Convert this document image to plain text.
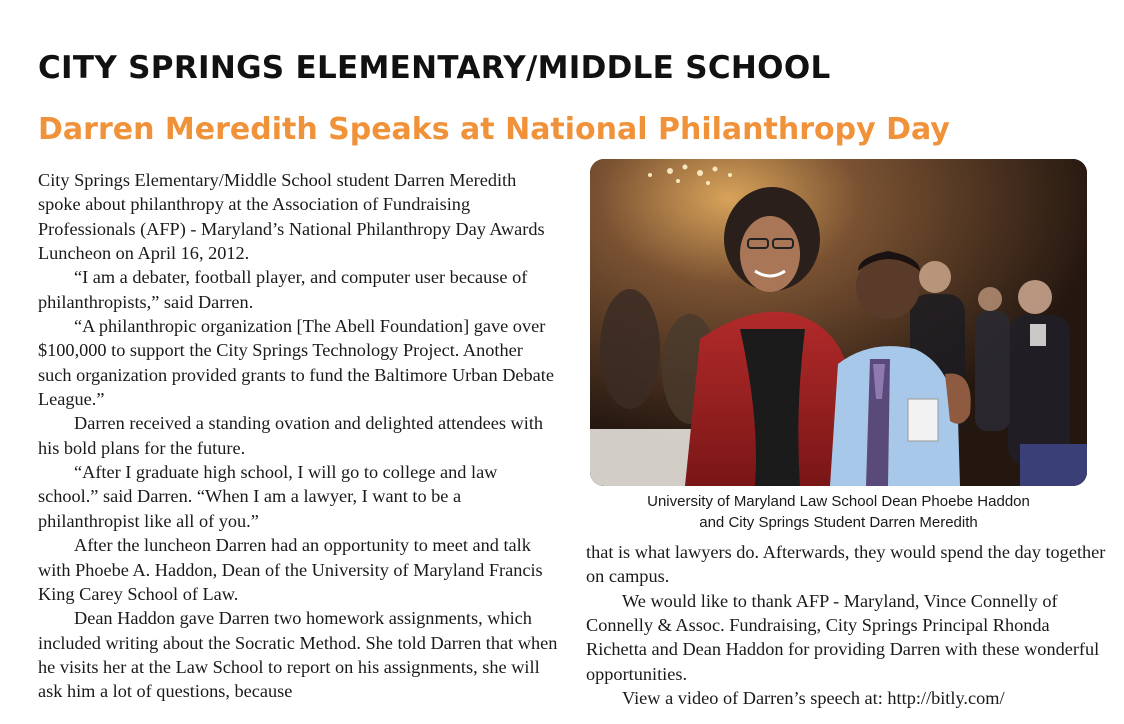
CITY SPRINGS ELEMENTARY/MIDDLE SCHOOL
Darren Meredith Speaks at National Philanthropy Day

City Springs Elementary/Middle School student Darren Meredith spoke about philanthropy at the Association of Fundraising Professionals (AFP) - Maryland’s National Philanthropy Day Awards Luncheon on April 16, 2012.

“I am a debater, football player, and computer user because of philanthropists,” said Darren.

“A philanthropic organization [The Abell Foundation] gave over $100,000 to support the City Springs Technology Project. Another such organization provided grants to fund the Baltimore Urban Debate League.”

Darren received a standing ovation and delighted attendees with his bold plans for the future.

“After I graduate high school, I will go to college and law school.” said Darren. “When I am a lawyer, I want to be a philanthropist like all of you.”

After the luncheon Darren had an opportunity to meet and talk with Phoebe A. Haddon, Dean of the University of Maryland Francis King Carey School of Law.

Dean Haddon gave Darren two homework assignments, which included writing about the Socratic Method. She told Darren that when he visits her at the Law School to report on his assignments, she will ask him a lot of questions, because

University of Maryland Law School Dean Phoebe Haddon
and City Springs Student Darren Meredith

that is what lawyers do. Afterwards, they would spend the day together on campus.

We would like to thank AFP - Maryland, Vince Connelly of Connelly & Assoc. Fundraising, City Springs Principal Rhonda Richetta and Dean Haddon for providing Darren with these wonderful opportunities.

View a video of Darren’s speech at: http://bitly.com/
